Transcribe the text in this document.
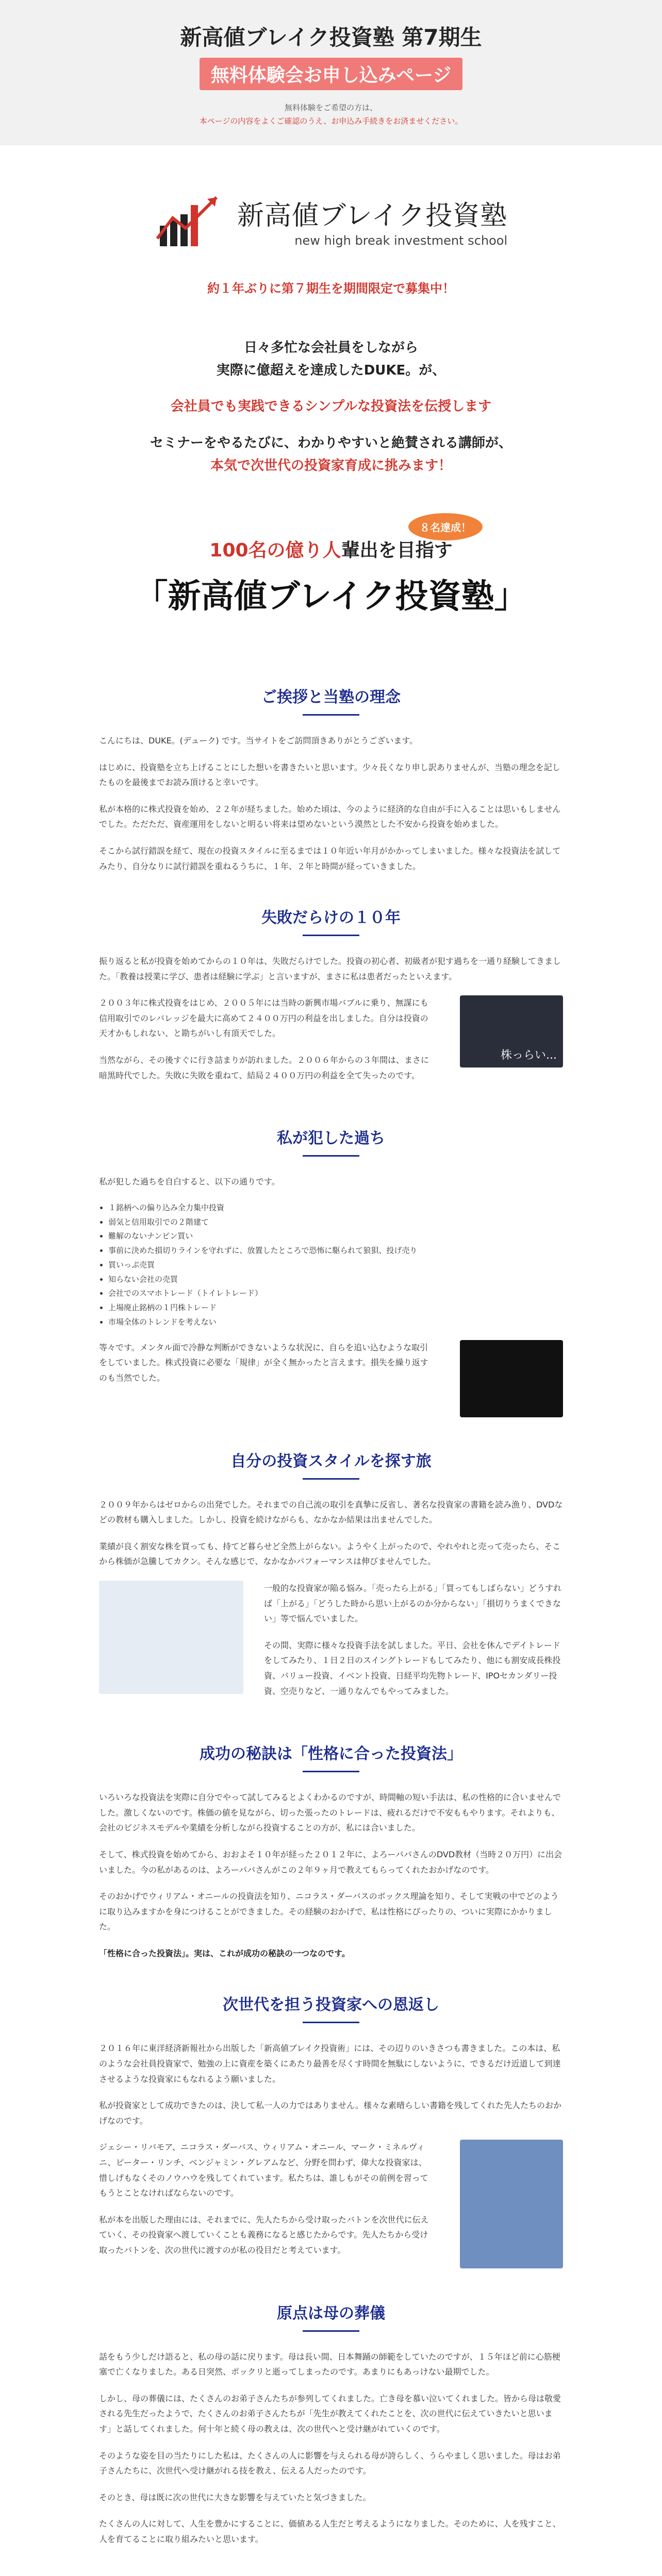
新高値ブレイク投資塾 第7期生
無料体験会お申し込みページ
無料体験をご希望の方は、
本ページの内容をよくご確認のうえ、お申込み手続きをお済ませください。
新高値ブレイク投資塾
new high break investment school
約１年ぶりに第７期生を期間限定で募集中！

日々多忙な会社員をしながら
実際に億超えを達成したDUKE。が、

会社員でも実践できるシンプルな投資法を伝授します

セミナーをやるたびに、わかりやすいと絶賛される講師が、
本気で次世代の投資家育成に挑みます！

８名達成！
100名の億り人輩出を目指す
「新高値ブレイク投資塾」
ご挨拶と当塾の理念

こんにちは、DUKE。(デューク) です。当サイトをご訪問頂きありがとうございます。

はじめに、投資塾を立ち上げることにした想いを書きたいと思います。少々長くなり申し訳ありませんが、当塾の理念を記したものを最後までお読み頂けると幸いです。

私が本格的に株式投資を始め、２２年が経ちました。始めた頃は、今のように経済的な自由が手に入ることは思いもしませんでした。ただただ、資産運用をしないと明るい将来は望めないという漠然とした不安から投資を始めました。

そこから試行錯誤を経て、現在の投資スタイルに至るまでは１０年近い年月がかかってしまいました。様々な投資法を試してみたり、自分なりに試行錯誤を重ねるうちに、１年、２年と時間が経っていきました。

失敗だらけの１０年

振り返ると私が投資を始めてからの１０年は、失敗だらけでした。投資の初心者、初級者が犯す過ちを一通り経験してきました。「教養は授業に学び、患者は経験に学ぶ」と言いますが、まさに私は患者だったといえます。

２００３年に株式投資をはじめ、２００５年には当時の新興市場バブルに乗り、無謀にも信用取引でのレバレッジを最大に高めて２４００万円の利益を出しました。自分は投資の天才かもしれない、と勘ちがいし有頂天でした。

当然ながら、その後すぐに行き詰まりが訪れました。２００６年からの３年間は、まさに暗黒時代でした。失敗に失敗を重ねて、結局２４００万円の利益を全て失ったのです。

株っらい...
私が犯した過ち

私が犯した過ちを自白すると、以下の通りです。

• １銘柄への偏り込み全力集中投資
• 弱気と信用取引での２階建て
• 難解のないナンピン買い
• 事前に決めた損切りラインを守れずに、放置したところで恐怖に駆られて狼狽、投げ売り
• 買いっぷ売買
• 知らない会社の売買
• 会社でのスマホトレード（トイレトレード）
• 上場廃止銘柄の１円株トレード
• 市場全体のトレンドを考えない

等々です。メンタル面で冷静な判断ができないような状況に、自らを追い込むような取引をしていました。株式投資に必要な「規律」が全く無かったと言えます。損失を繰り返すのも当然でした。

自分の投資スタイルを探す旅

２００９年からはゼロからの出発でした。それまでの自己流の取引を真摯に反省し、著名な投資家の書籍を読み漁り、DVDなどの教材も購入しました。しかし、投資を続けながらも、なかなか結果は出ませんでした。

業績が良く割安な株を買っても、持てど暮らせど全然上がらない。ようやく上がったので、やれやれと売って売ったら、そこから株価が急騰してカクン。そんな感じで、なかなかパフォーマンスは伸びませんでした。

一般的な投資家が陥る悩み。「売ったら上がる」「買ってもしばらない」どうすれば「上がる」「どうした時から思い上がるのか分からない」「損切りうまくできない」等で悩んでいました。

その間、実際に様々な投資手法を試しました。平日、会社を休んでデイトレードをしてみたり、１日２日のスイングトレードもしてみたり、他にも割安成長株投資、バリュー投資、イベント投資、日経平均先物トレード、IPOセカンダリー投資、空売りなど、一通りなんでもやってみました。

成功の秘訣は「性格に合った投資法」

いろいろな投資法を実際に自分でやって試してみるとよくわかるのですが、時間軸の短い手法は、私の性格的に合いませんでした。激しくないのです。株価の値を見ながら、切った張ったのトレードは、疲れるだけで不安ももやります。それよりも、会社のビジネスモデルや業績を分析しながら投資することの方が、私には合いました。

そして、株式投資を始めてから、おおよそ１０年が経った２０１２年に、よろーパパさんのDVD教材（当時２０万円）に出会いました。今の私があるのは、よろーパパさんがこの２年９ヶ月で教えてもらってくれたおかげなのです。

そのおかげでウィリアム・オニールの投資法を知り、ニコラス・ダーバスのボックス理論を知り、そして実戦の中でどのように取り込みますかを身につけることができました。その経験のおかげで、私は性格にぴったりの、ついに実際にかかりました。

「性格に合った投資法」。実は、これが成功の秘訣の一つなのです。

次世代を担う投資家への恩返し

２０１６年に東洋経済新報社から出版した「新高値ブレイク投資術」には、その辺りのいきさつも書きました。この本は、私のような会社員投資家で、勉強の上に資産を築くにあたり最善を尽くす時間を無駄にしないように、できるだけ近道して到達させるような投資家にもなれるよう願いました。

私が投資家として成功できたのは、決して私一人の力ではありません。様々な素晴らしい書籍を残してくれた先人たちのおかげなのです。

ジェシー・リバモア、ニコラス・ダーバス、ウィリアム・オニール、マーク・ミネルヴィニ、ピーター・リンチ、ベンジャミン・グレアムなど、分野を問わず、偉大な投資家は、惜しげもなくそのノウハウを残してくれています。私たちは、誰しもがその前例を習ってもうとことなければならないのです。

私が本を出版した理由には、それまでに、先人たちから受け取ったバトンを次世代に伝えていく、その投資家へ渡していくことも義務になると感じたからです。先人たちから受け取ったバトンを、次の世代に渡すのが私の役目だと考えています。

原点は母の葬儀

話をもう少しだけ語ると、私の母の話に戻ります。母は長い間、日本舞踊の師範をしていたのですが、１５年ほど前に心筋梗塞で亡くなりました。ある日突然、ポックリと逝ってしまったのです。あまりにもあっけない最期でした。

しかし、母の葬儀には、たくさんのお弟子さんたちが参列してくれました。亡き母を慕い泣いてくれました。皆から母は敬愛される先生だったようで、たくさんのお弟子さんたちが「先生が教えてくれたことを、次の世代に伝えていきたいと思います」と話してくれました。何十年と続く母の教えは、次の世代へと受け継がれていくのです。

そのような姿を目の当たりにした私は、たくさんの人に影響を与えられる母が誇らしく、うらやましく思いました。母はお弟子さんたちに、次世代へ受け継がれる技を教え、伝える人だったのです。

そのとき、母は既に次の世代に大きな影響を与えていたと気づきました。

たくさんの人に対して、人生を豊かにすることに、価値ある人生だと考えるようになりました。そのために、人を残すこと、人を育てることに取り組みたいと思います。
